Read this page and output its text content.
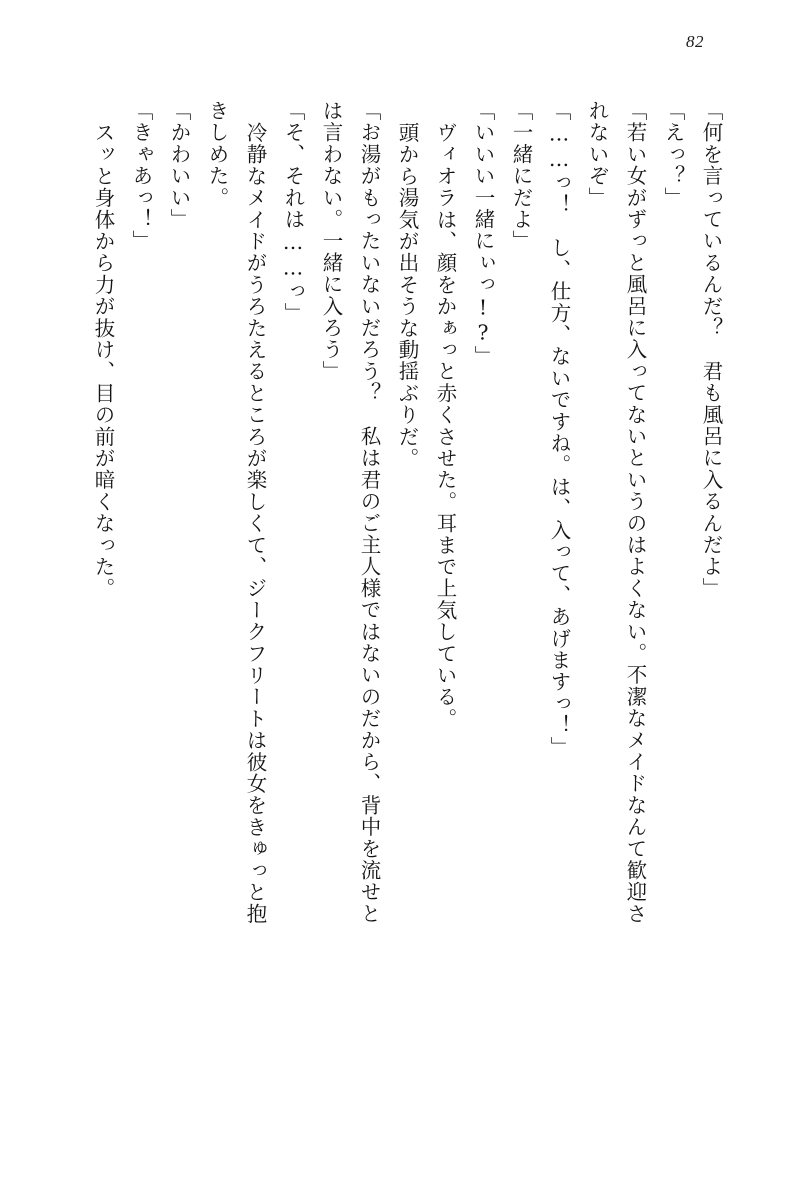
82
「何を言っているんだ？　君も風呂に入るんだよ」
「えっ？」
「若い女がずっと風呂に入ってないというのはよくない。不潔なメイドなんて歓迎さ
れないぞ」
「……っ！　し、仕方、ないですね。は、入って、あげますっ！」
「一緒にだよ」
「いいい一緒にぃっ!?」
ヴィオラは、顔をかぁっと赤くさせた。耳まで上気している。
頭から湯気が出そうな動揺ぶりだ。
「お湯がもったいないだろう？　私は君のご主人様ではないのだから、背中を流せと
は言わない。一緒に入ろう」
「そ、それは……っ」
冷静なメイドがうろたえるところが楽しくて、ジークフリートは彼女をきゅっと抱
きしめた。
「かわいい」
「きゃあっ！」
スッと身体から力が抜け、目の前が暗くなった。
